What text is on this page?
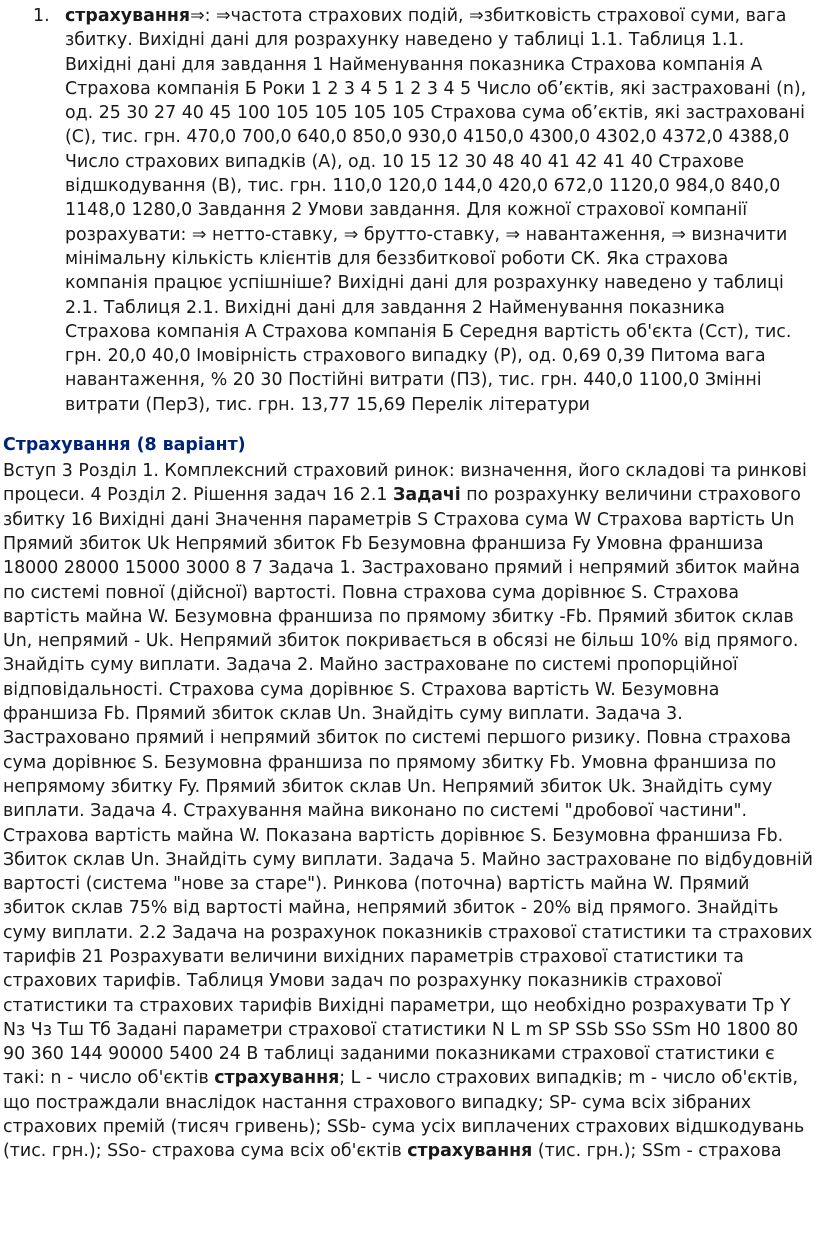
1. страхування⇒: ⇒частота страхових подій, ⇒збитковість страхової суми, вага збитку. Вихідні дані для розрахунку наведено у таблиці 1.1. Таблиця 1.1. Вихідні дані для завдання 1 Найменування показника Страхова компанія А Страхова компанія Б Роки 1 2 3 4 5 1 2 3 4 5 Число об’єктів, які застраховані (n), од. 25 30 27 40 45 100 105 105 105 105 Страхова сума об’єктів, які застраховані (С), тис. грн. 470,0 700,0 640,0 850,0 930,0 4150,0 4300,0 4302,0 4372,0 4388,0 Число страхових випадків (А), од. 10 15 12 30 48 40 41 42 41 40 Страхове відшкодування (В), тис. грн. 110,0 120,0 144,0 420,0 672,0 1120,0 984,0 840,0 1148,0 1280,0 Завдання 2 Умови завдання. Для кожної страхової компанії розрахувати: ⇒ нетто-ставку, ⇒ брутто-ставку, ⇒ навантаження, ⇒ визначити мінімальну кількість клієнтів для беззбиткової роботи СК. Яка страхова компанія працює успішніше? Вихідні дані для розрахунку наведено у таблиці 2.1. Таблиця 2.1. Вихідні дані для завдання 2 Найменування показника Страхова компанія А Страхова компанія Б Середня вартість об'єкта (Сст), тис. грн. 20,0 40,0 Імовірність страхового випадку (Р), од. 0,69 0,39 Питома вага навантаження, % 20 30 Постійні витрати (ПЗ), тис. грн. 440,0 1100,0 Змінні витрати (ПерЗ), тис. грн. 13,77 15,69 Перелік літератури
Страхування (8 варіант)

Вступ 3 Розділ 1. Комплексний страховий ринок: визначення, його складові та ринкові процеси. 4 Розділ 2. Рішення задач 16 2.1 Задачі по розрахунку величини страхового збитку 16 Вихідні дані Значення параметрів S Страхова сума W Страхова вартість Un Прямий збиток Uk Непрямий збиток Fb Безумовна франшиза Fy Умовна франшиза 18000 28000 15000 3000 8 7 Задача 1. Застраховано прямий і непрямий збиток майна по системі повної (дійсної) вартості. Повна страхова сума дорівнює S. Страхова вартість майна W. Безумовна франшиза по прямому збитку -Fb. Прямий збиток склав Un, непрямий - Uk. Непрямий збиток покривається в обсязі не більш 10% від прямого. Знайдіть суму виплати. Задача 2. Майно застраховане по системі пропорційної відповідальності. Страхова сума дорівнює S. Страхова вартість W. Безумовна франшиза Fb. Прямий збиток склав Un. Знайдіть суму виплати. Задача 3. Застраховано прямий і непрямий збиток по системі першого ризику. Повна страхова сума дорівнює S. Безумовна франшиза по прямому збитку Fb. Умовна франшиза по непрямому збитку Fy. Прямий збиток склав Un. Непрямий збиток Uk. Знайдіть суму виплати. Задача 4. Страхування майна виконано по системі "дробової частини". Страхова вартість майна W. Показана вартість дорівнює S. Безумовна франшиза Fb. Збиток склав Un. Знайдіть суму виплати. Задача 5. Майно застраховане по відбудовній вартості (система "нове за старе"). Ринкова (поточна) вартість майна W. Прямий збиток склав 75% від вартості майна, непрямий збиток - 20% від прямого. Знайдіть суму виплати. 2.2 Задача на розрахунок показників страхової статистики та страхових тарифів 21 Розрахувати величини вихідних параметрів страхової статистики та страхових тарифів. Таблиця Умови задач по розрахунку показників страхової статистики та страхових тарифів Вихідні параметри, що необхідно розрахувати Тр Y Nз Чз Тш Тб Задані параметри страхової статистики N L m SP SSb SSo SSm H0 1800 80 90 360 144 90000 5400 24 В таблиці заданими показниками страхової статистики є такі: n - число об'єктів страхування; L - число страхових випадків; m - число об'єктів, що постраждали внаслідок настання страхового випадку; SP- сума всіх зібраних страхових премій (тисяч гривень); SSb- сума усіх виплачених страхових відшкодувань (тис. грн.); SSo- страхова сума всіх об'єктів страхування (тис. грн.); SSm - страхова
